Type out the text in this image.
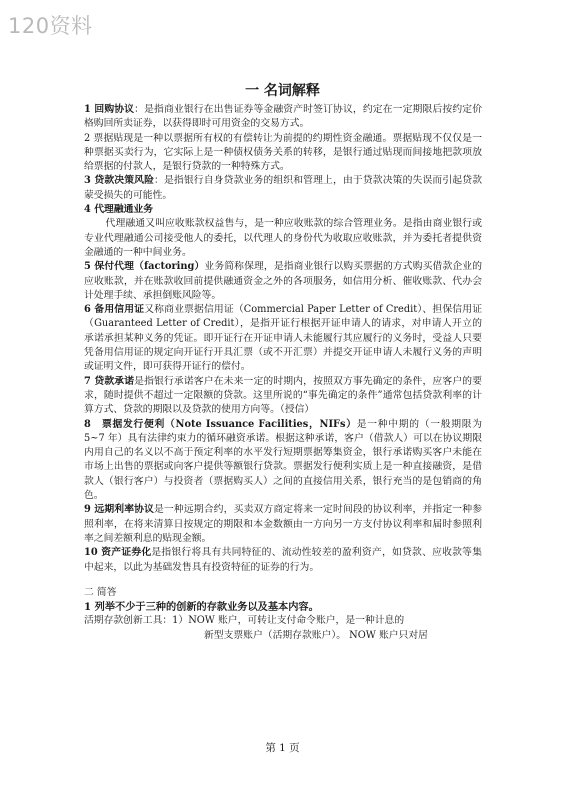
120资料
一 名词解释

1 回购协议：是指商业银行在出售证券等金融资产时签订协议，约定在一定期限后按约定价格购回所卖证券，以获得即时可用资金的交易方式。

2 票据贴现是一种以票据所有权的有偿转让为前提的约期性资金融通。票据贴现不仅仅是一种票据买卖行为，它实际上是一种债权债务关系的转移，是银行通过贴现而间接地把款项放给票据的付款人，是银行贷款的一种特殊方式。

3 贷款决策风险：是指银行自身贷款业务的组织和管理上，由于贷款决策的失误而引起贷款蒙受损失的可能性。

4 代理融通业务

代理融通又叫应收账款权益售与，是一种应收账款的综合管理业务。是指由商业银行或专业代理融通公司接受他人的委托，以代理人的身份代为收取应收账款，并为委托者提供资金融通的一种中间业务。

5 保付代理（factoring）业务简称保理，是指商业银行以购买票据的方式购买借款企业的应收账款，并在账款收回前提供融通资金之外的各项服务，如信用分析、催收账款、代办会计处理手续、承担倒账风险等。

6 备用信用证又称商业票据信用证（Commercial Paper Letter of Credit）、担保信用证（Guaranteed Letter of Credit），是指开证行根据开证申请人的请求，对申请人开立的承诺承担某种义务的凭证。即开证行在开证申请人未能履行其应履行的义务时，受益人只要凭备用信用证的规定向开证行开具汇票（或不开汇票）并提交开证申请人未履行义务的声明或证明文件，即可获得开证行的偿付。

7 贷款承诺是指银行承诺客户在未来一定的时期内，按照双方事先确定的条件，应客户的要求，随时提供不超过一定限额的贷款。这里所说的“事先确定的条件”通常包括贷款利率的计算方式、贷款的期限以及贷款的使用方向等。（授信）

8　票据发行便利（Note Issuance Facilities，NIFs）是一种中期的（一般期限为 5~7 年）具有法律约束力的循环融资承诺。根据这种承诺，客户（借款人）可以在协议期限内用自己的名义以不高于预定利率的水平发行短期票据筹集资金，银行承诺购买客户未能在市场上出售的票据或向客户提供等额银行贷款。票据发行便利实质上是一种直接融资，是借款人（银行客户）与投资者（票据购买人）之间的直接信用关系，银行充当的是包销商的角色。

9 远期利率协议是一种远期合约，买卖双方商定将来一定时间段的协议利率，并指定一种参照利率，在将来清算日按规定的期限和本金数额由一方向另一方支付协议利率和届时参照利率之间差额利息的贴现金额。

10 资产证券化是指银行将具有共同特征的、流动性较差的盈利资产，如贷款、应收款等集中起来，以此为基础发售具有投资特征的证券的行为。

二 简答

1 列举不少于三种的创新的存款业务以及基本内容。

活期存款创新工具：1）NOW 账户，可转让支付命令账户，是一种计息的

新型支票账户（活期存款账户）。 NOW 账户只对居

第 1 页
